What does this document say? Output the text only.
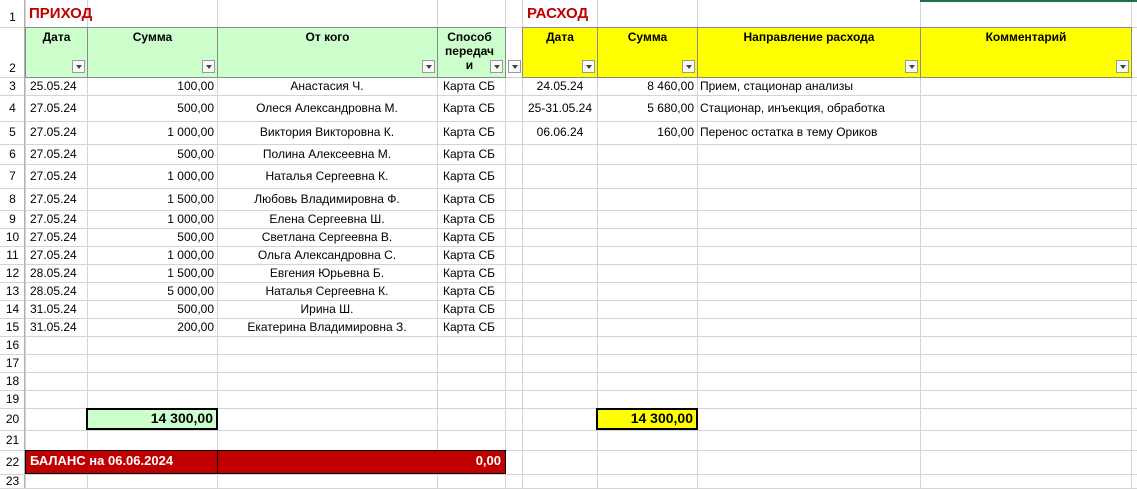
1
2
3
4
5
6
7
8
9
10
11
12
13
14
15
16
17
18
19
20
21
22
23
ПРИХОД	РАСХОД
Дата	Сумма	От кого	Способ передачи
Дата	Сумма	Направление расхода	Комментарий
25.05.24	100,00	Анастасия Ч.	Карта СБ
27.05.24	500,00	Олеся Александровна М.	Карта СБ
27.05.24	1 000,00	Виктория Викторовна К.	Карта СБ
27.05.24	500,00	Полина Алексеевна М.	Карта СБ
27.05.24	1 000,00	Наталья Сергеевна К.	Карта СБ
27.05.24	1 500,00	Любовь Владимировна Ф.	Карта СБ
27.05.24	1 000,00	Елена Сергеевна Ш.	Карта СБ
27.05.24	500,00	Светлана Сергеевна В.	Карта СБ
27.05.24	1 000,00	Ольга Александровна С.	Карта СБ
28.05.24	1 500,00	Евгения Юрьевна Б.	Карта СБ
28.05.24	5 000,00	Наталья Сергеевна К.	Карта СБ
31.05.24	500,00	Ирина Ш.	Карта СБ
31.05.24	200,00	Екатерина Владимировна З.	Карта СБ
24.05.24	8 460,00 Прием, стационар анализы
25-31.05.24	5 680,00 Стационар, инъекция, обработка
06.06.24	160,00 Перенос остатка в тему Ориков
14 300,00	14 300,00
БАЛАНС на 06.06.2024	0,00
